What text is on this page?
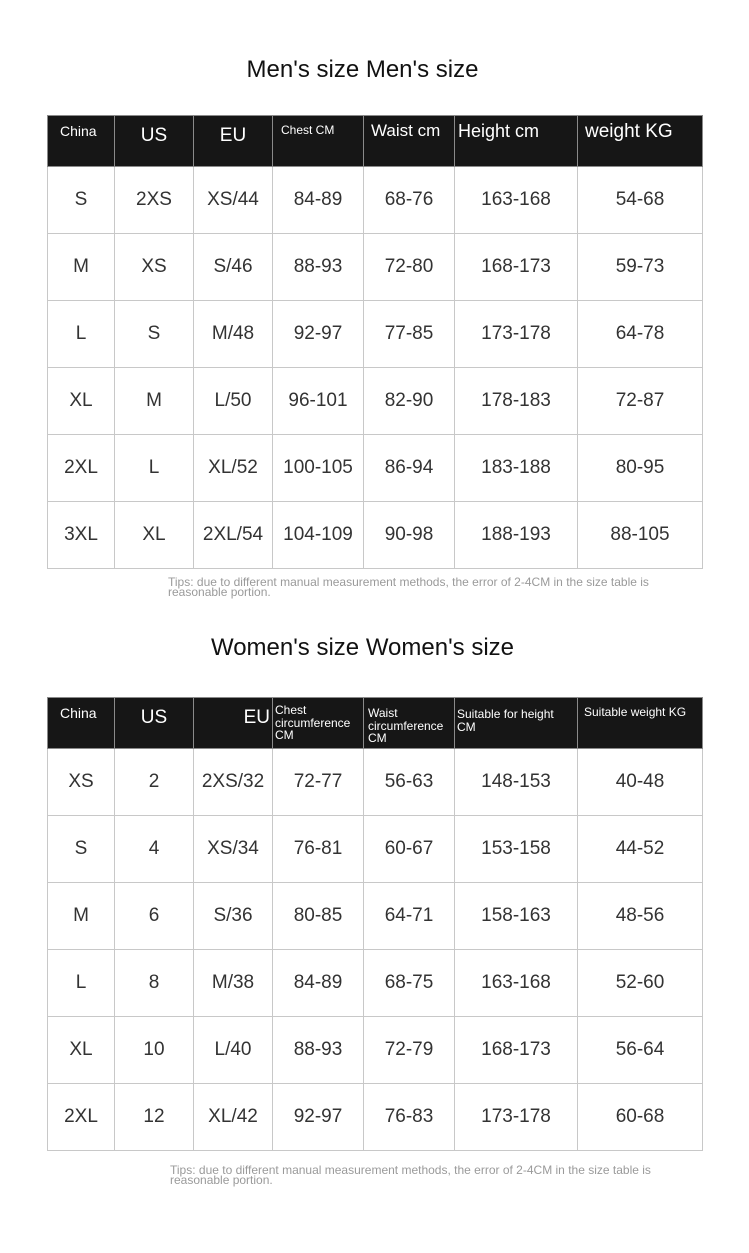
Men's size Men's size
China	US	EU	Chest CM	Waist cm	Height cm	weight KG
S	2XS	XS/44	84-89	68-76	163-168	54-68
M	XS	S/46	88-93	72-80	168-173	59-73
L	S	M/48	92-97	77-85	173-178	64-78
XL	M	L/50	96-101	82-90	178-183	72-87
2XL	L	XL/52	100-105	86-94	183-188	80-95
3XL	XL	2XL/54	104-109	90-98	188-193	88-105
Tips: due to different manual measurement methods, the error of 2-4CM in the size table is reasonable portion.
Women's size Women's size
China	US	EU	Chest circumference CM	Waist circumference CM	Suitable for height CM	Suitable weight KG
XS	2	2XS/32	72-77	56-63	148-153	40-48
S	4	XS/34	76-81	60-67	153-158	44-52
M	6	S/36	80-85	64-71	158-163	48-56
L	8	M/38	84-89	68-75	163-168	52-60
XL	10	L/40	88-93	72-79	168-173	56-64
2XL	12	XL/42	92-97	76-83	173-178	60-68
Tips: due to different manual measurement methods, the error of 2-4CM in the size table is reasonable portion.
